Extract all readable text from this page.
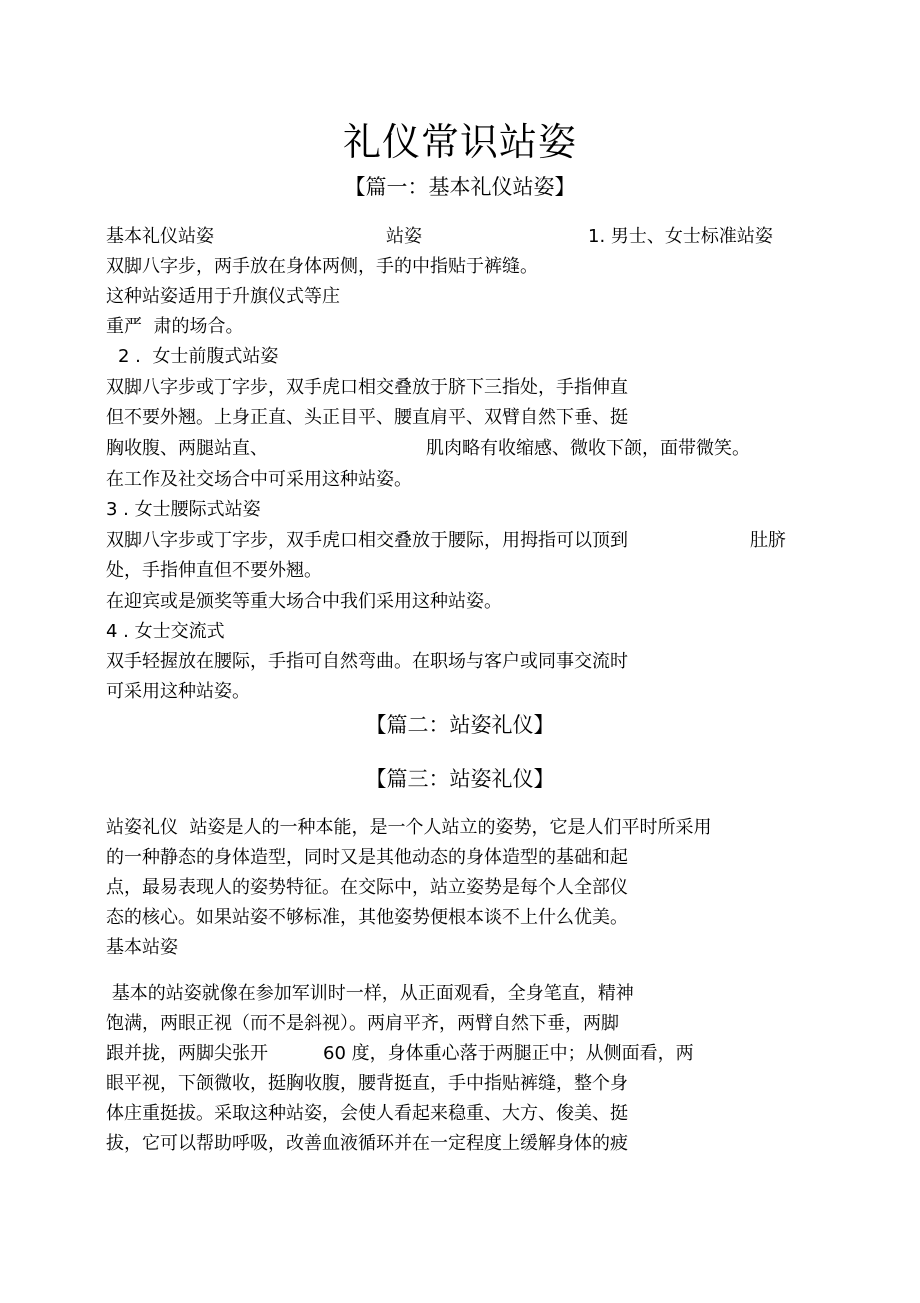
礼仪常识站姿
【篇一：基本礼仪站姿】

基本礼仪站姿	站姿	1. 男士、女士标准站姿

双脚八字步，两手放在身体两侧，手的中指贴于裤缝。

这种站姿适用于升旗仪式等庄

重严  肃的场合。

2 .  女士前腹式站姿

双脚八字步或丁字步，双手虎口相交叠放于脐下三指处，手指伸直

但不要外翘。上身正直、头正目平、腰直肩平、双臂自然下垂、挺

胸收腹、两腿站直、	肌肉略有收缩感、微收下颌，面带微笑。

在工作及社交场合中可采用这种站姿。

3 . 女士腰际式站姿

双脚八字步或丁字步，双手虎口相交叠放于腰际，用拇指可以顶到	肚脐

处，手指伸直但不要外翘。

在迎宾或是颁奖等重大场合中我们采用这种站姿。

4 . 女士交流式

双手轻握放在腰际，手指可自然弯曲。在职场与客户或同事交流时

可采用这种站姿。

【篇二：站姿礼仪】
【篇三：站姿礼仪】

站姿礼仪  站姿是人的一种本能，是一个人站立的姿势，它是人们平时所采用

的一种静态的身体造型，同时又是其他动态的身体造型的基础和起

点，最易表现人的姿势特征。在交际中，站立姿势是每个人全部仪

态的核心。如果站姿不够标准，其他姿势便根本谈不上什么优美。

基本站姿

基本的站姿就像在参加军训时一样，从正面观看，全身笔直，精神

饱满，两眼正视（而不是斜视）。两肩平齐，两臂自然下垂，两脚

跟并拢，两脚尖张开	60 度，身体重心落于两腿正中；从侧面看，两

眼平视，下颌微收，挺胸收腹，腰背挺直，手中指贴裤缝，整个身

体庄重挺拔。采取这种站姿，会使人看起来稳重、大方、俊美、挺

拔，它可以帮助呼吸，改善血液循环并在一定程度上缓解身体的疲
